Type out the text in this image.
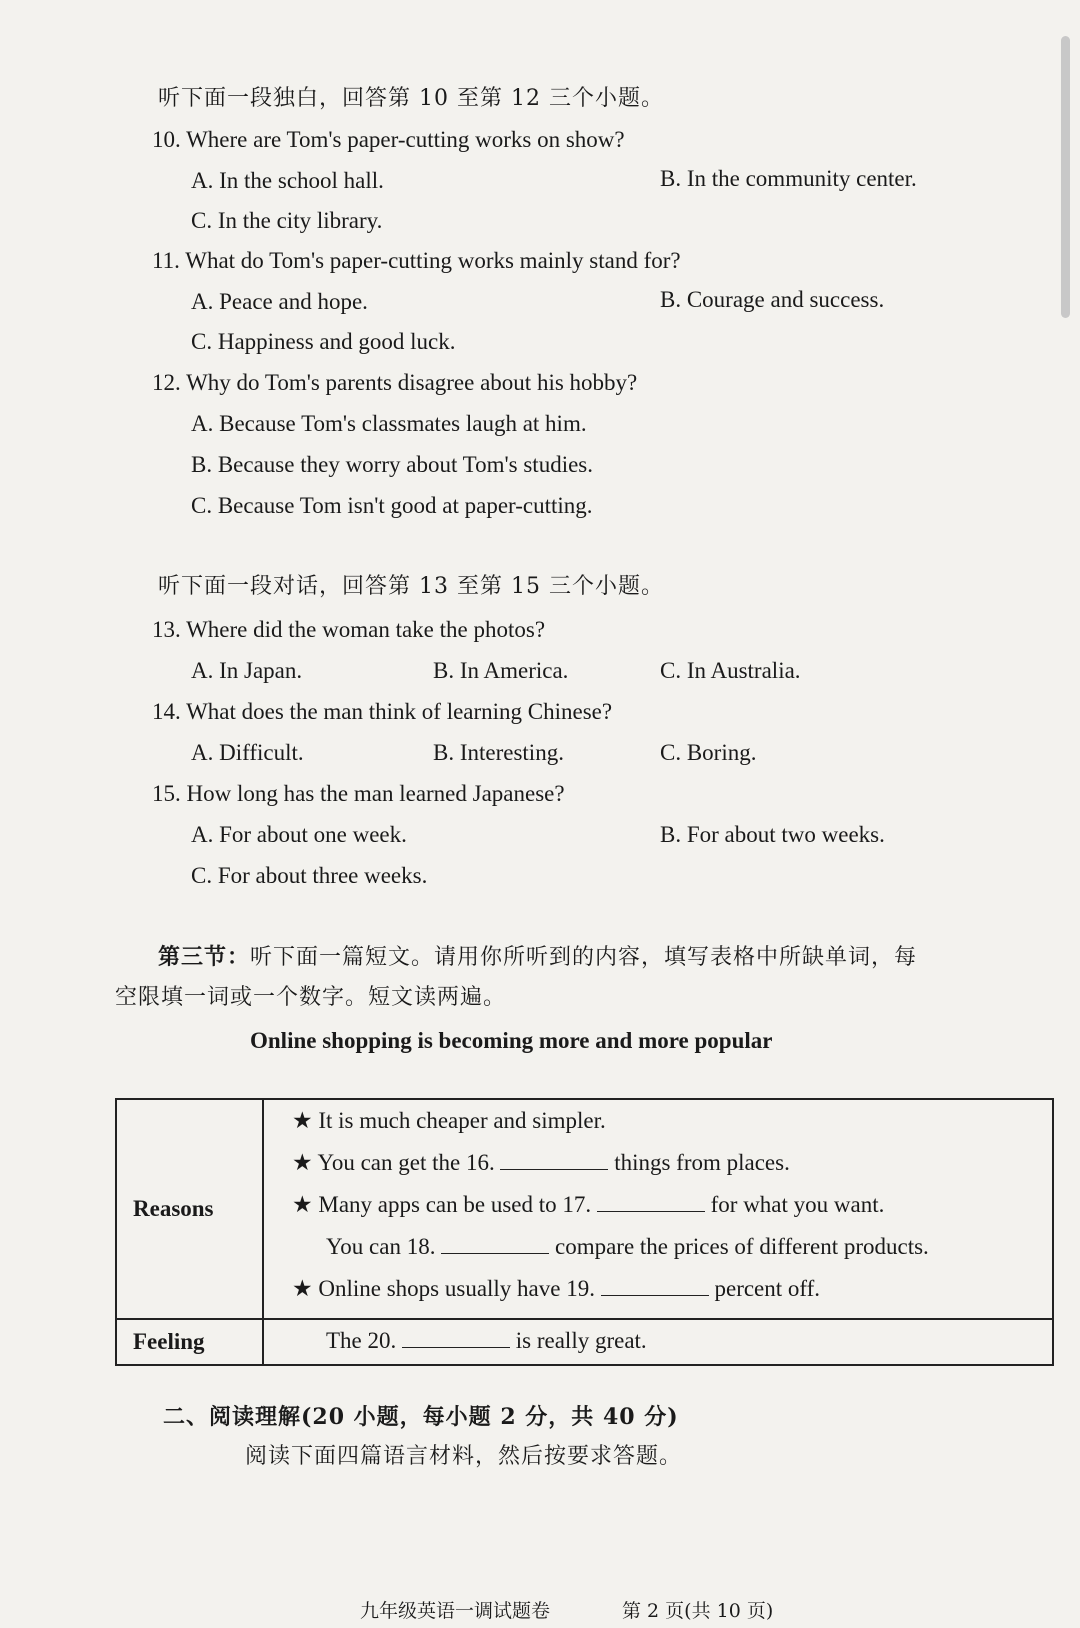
听下面一段独白，回答第 10 至第 12 三个小题。
10. Where are Tom's paper-cutting works on show?
A. In the school hall.	B. In the community center.
C. In the city library.
11. What do Tom's paper-cutting works mainly stand for?
A. Peace and hope.	B. Courage and success.
C. Happiness and good luck.
12. Why do Tom's parents disagree about his hobby?
A. Because Tom's classmates laugh at him.
B. Because they worry about Tom's studies.
C. Because Tom isn't good at paper-cutting.
听下面一段对话，回答第 13 至第 15 三个小题。
13. Where did the woman take the photos?
A. In Japan.	B. In America.	C. In Australia.
14. What does the man think of learning Chinese?
A. Difficult.	B. Interesting.	C. Boring.
15. How long has the man learned Japanese?
A. For about one week.	B. For about two weeks.
C. For about three weeks.
第三节：听下面一篇短文。请用你所听到的内容，填写表格中所缺单词，每
空限填一词或一个数字。短文读两遍。
Online shopping is becoming more and more popular
Reasons	★ It is much cheaper and simpler.
★ You can get the 16. things from places.
★ Many apps can be used to 17. for what you want.
You can 18. compare the prices of different products.
★ Online shops usually have 19. percent off.

Feeling	The 20. is really great.
二、阅读理解(20 小题，每小题 2 分，共 40 分)
阅读下面四篇语言材料，然后按要求答题。
九年级英语一调试题卷	第 2 页(共 10 页)
